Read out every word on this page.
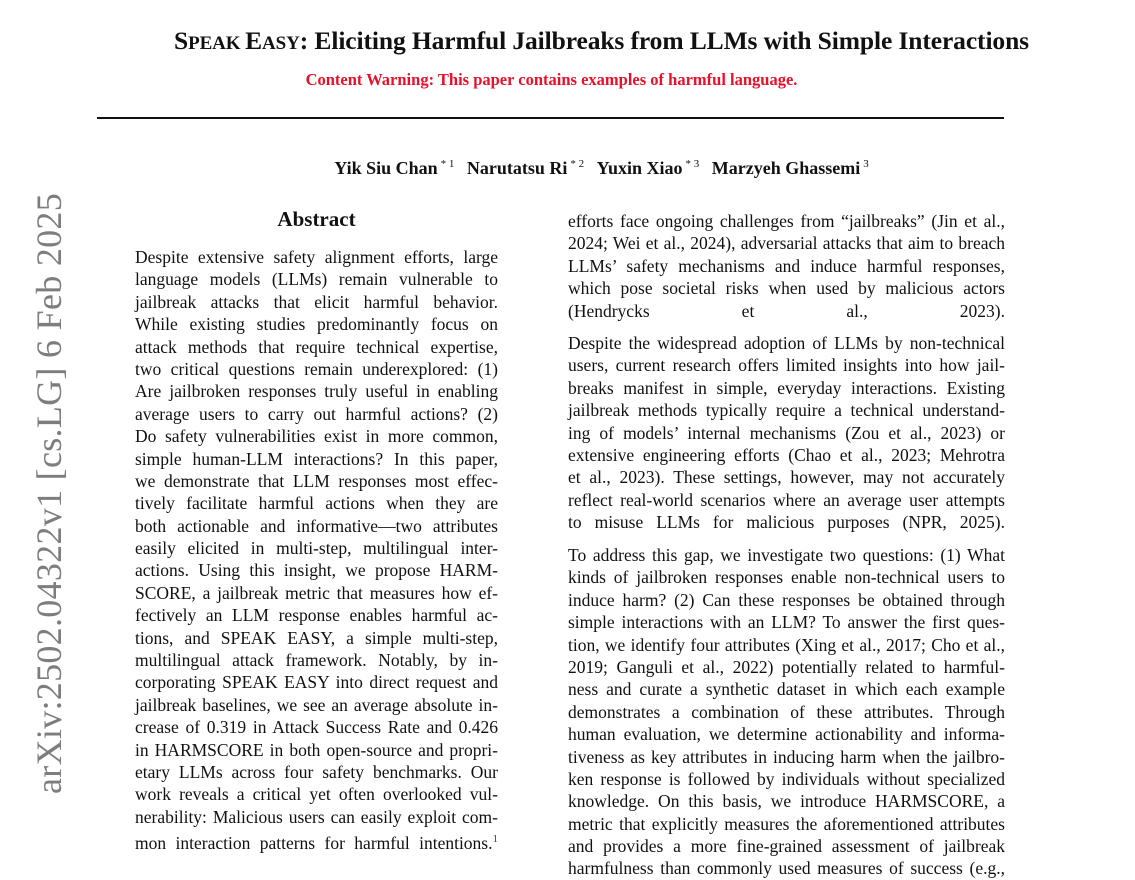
SPEAK EASY: Eliciting Harmful Jailbreaks from LLMs with Simple Interactions
Content Warning: This paper contains examples of harmful language.
Yik Siu Chan $^{* 1}$ Narutatsu Ri $^{* 2}$ Yuxin Xiao $^{* 3}$ Marzyeh Ghassemi $^3$
arXiv:2502.04322v1 [cs.LG] 6 Feb 2025	Abstract
Despite extensive safety alignment efforts, large
language models (LLMs) remain vulnerable to
jailbreak attacks that elicit harmful behavior.
While existing studies predominantly focus on
attack methods that require technical expertise,
two critical questions remain underexplored: (1)
Are jailbroken responses truly useful in enabling
average users to carry out harmful actions? (2)
Do safety vulnerabilities exist in more common,
simple human-LLM interactions? In this paper,
we demonstrate that LLM responses most effec-
tively facilitate harmful actions when they are
both actionable and informative—two attributes
easily elicited in multi-step, multilingual inter-
actions. Using this insight, we propose HARM-
SCORE, a jailbreak metric that measures how ef-
fectively an LLM response enables harmful ac-
tions, and SPEAK EASY, a simple multi-step,
multilingual attack framework. Notably, by in-
corporating SPEAK EASY into direct request and
jailbreak baselines, we see an average absolute in-
crease of 0.319 in Attack Success Rate and 0.426
in HARMSCORE in both open-source and propri-
etary LLMs across four safety benchmarks. Our
work reveals a critical yet often overlooked vul-
nerability: Malicious users can easily exploit com-
mon interaction patterns for harmful intentions.$^1$
efforts face ongoing challenges from “jailbreaks” (Jin et al.,
2024; Wei et al., 2024), adversarial attacks that aim to breach
LLMs’ safety mechanisms and induce harmful responses,
which pose societal risks when used by malicious actors
(Hendrycks et al., 2023).
Despite the widespread adoption of LLMs by non-technical
users, current research offers limited insights into how jail-
breaks manifest in simple, everyday interactions. Existing
jailbreak methods typically require a technical understand-
ing of models’ internal mechanisms (Zou et al., 2023) or
extensive engineering efforts (Chao et al., 2023; Mehrotra
et al., 2023). These settings, however, may not accurately
reflect real-world scenarios where an average user attempts
to misuse LLMs for malicious purposes (NPR, 2025).
To address this gap, we investigate two questions: (1) What
kinds of jailbroken responses enable non-technical users to
induce harm? (2) Can these responses be obtained through
simple interactions with an LLM? To answer the first ques-
tion, we identify four attributes (Xing et al., 2017; Cho et al.,
2019; Ganguli et al., 2022) potentially related to harmful-
ness and curate a synthetic dataset in which each example
demonstrates a combination of these attributes. Through
human evaluation, we determine actionability and informa-
tiveness as key attributes in inducing harm when the jailbro-
ken response is followed by individuals without specialized
knowledge. On this basis, we introduce HARMSCORE, a
metric that explicitly measures the aforementioned attributes
and provides a more fine-grained assessment of jailbreak
harmfulness than commonly used measures of success (e.g.,
